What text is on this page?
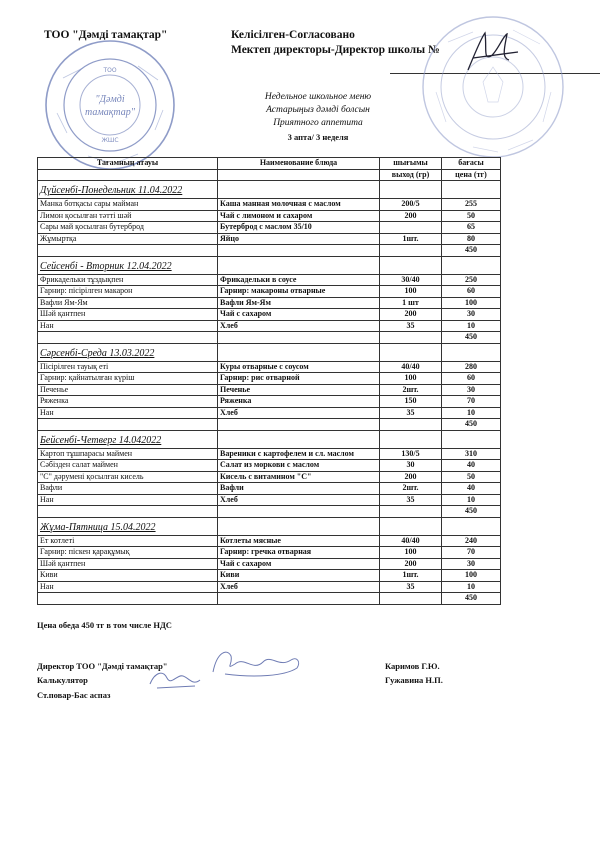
ТОО "Дәмді тамақтар"	Келісілген-Согласовано
Мектеп директоры-Директор школы №
ТОО
"Дәмді
тамақтар"
ЖШС
Недельное школьное меню
Астарыңыз дәмді болсын
Приятного аппетита
3 апта/ 3 неделя
Тағамның атауы	Наименование блюда	шығымы	бағасы
		выход (гр)	цена (тг)
Дүйсенбі-Понедельник 11.04.2022			
Манка ботқасы сары майман	Каша манная молочная с маслом	200/5	255
Лимон қосылған тәтті шәй	Чай с лимоном и сахаром	200	50
Сары май қосылған бутерброд	Бутерброд с маслом 35/10		65
Жұмыртқа	Яйцо	1шт.	80
			450
Сейсенбі - Вторник 12.04.2022			
Фрикадельки тұздықпен	Фрикадельки в соусе	30/40	250
Гарнир: пісірілген макарон	Гарнир: макароны отварные	100	60
Вафли Ям-Ям	Вафли Ям-Ям	1 шт	100
Шәй қантпен	Чай с сахаром	200	30
Нан	Хлеб	35	10
			450
Сәрсенбі-Среда 13.03.2022			
Пісірілген тауық еті	Куры отварные с соусом	40/40	280
Гарнир: қайнатылған күріш	Гарнир: рис отварной	100	60
Печенье	Печенье	2шт.	30
Ряженка	Ряженка	150	70
Нан	Хлеб	35	10
			450
Бейсенбі-Четверг 14.042022			
Картоп тұшпарасы маймен	Вареники с картофелем и сл. маслом	130/5	310
Сәбізден салат маймен	Салат из моркови с маслом	30	40
"С" дәрумені қосылған кисель	Кисель с витамином "С"	200	50
Вафли	Вафли	2шт.	40
Нан	Хлеб	35	10
			450
Жұма-Пятница 15.04.2022			
Ет котлеті	Котлеты мясные	40/40	240
Гарнир: піскен қарақұмық	Гарнир: гречка отварная	100	70
Шәй қантпен	Чай с сахаром	200	30
Киви	Киви	1шт.	100
Нан	Хлеб	35	10
			450
Цена обеда 450 тг в том числе НДС
Директор ТОО "Дәмді тамақтар"	Каримов Г.Ю.
Калькулятор	Гужавина Н.П.
Ст.повар-Бас аспаз
